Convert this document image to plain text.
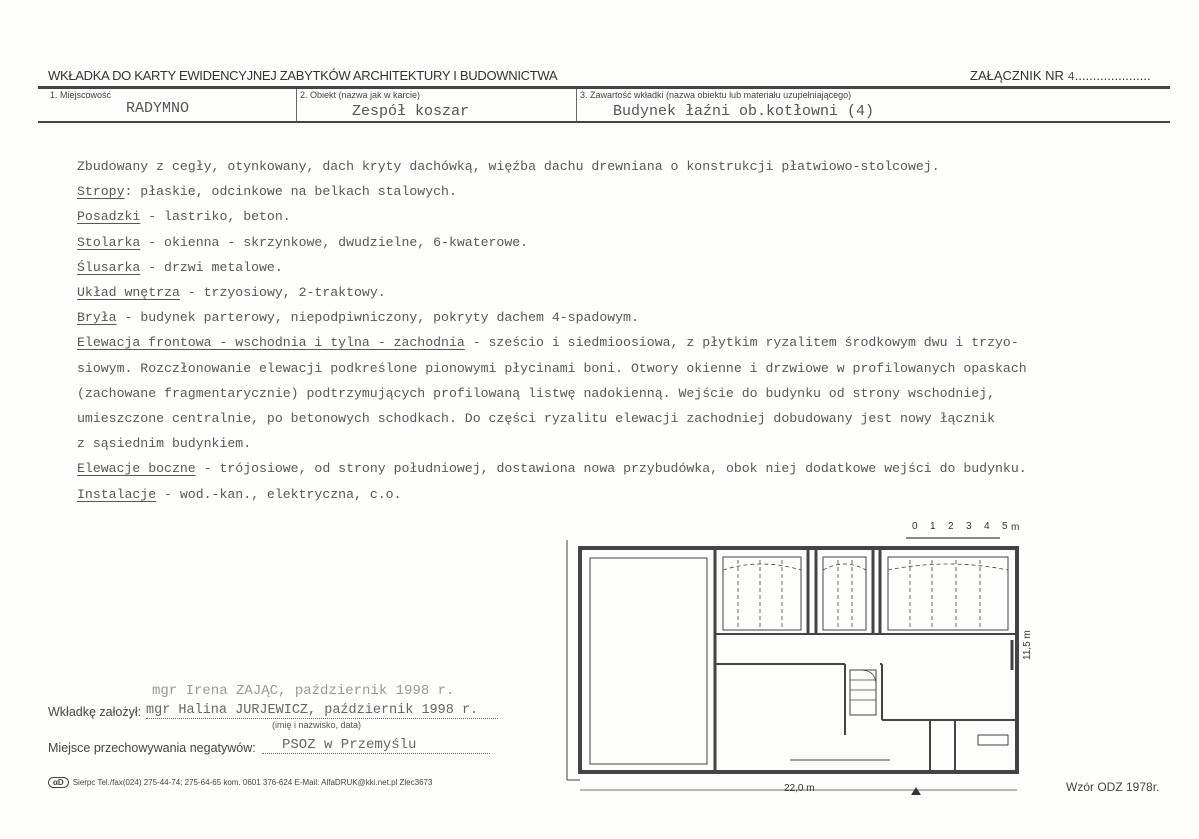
WKŁADKA DO KARTY EWIDENCYJNEJ ZABYTKÓW ARCHITEKTURY I BUDOWNICTWA	ZAŁĄCZNIK NR 4.....................
1. Miejscowość
RADYMNO
2. Obiekt (nazwa jak w karcie)
Zespół koszar
3. Zawartość wkładki (nazwa obiektu lub materiału uzupełniającego)
Budynek łaźni ob.kotłowni (4)
Zbudowany z cegły, otynkowany, dach kryty dachówką, więźba dachu drewniana o konstrukcji płatwiowo-stolcowej.
Stropy: płaskie, odcinkowe na belkach stalowych.
Posadzki - lastriko, beton.
Stolarka - okienna - skrzynkowe, dwudzielne, 6-kwaterowe.
Ślusarka - drzwi metalowe.
Układ wnętrza - trzyosiowy, 2-traktowy.
Bryła - budynek parterowy, niepodpiwniczony, pokryty dachem 4-spadowym.
Elewacja frontowa - wschodnia i tylna - zachodnia - sześcio i siedmioosiowa, z płytkim ryzalitem środkowym dwu i trzyo-
siowym. Rozczłonowanie elewacji podkreślone pionowymi płycinami boni. Otwory okienne i drzwiowe w profilowanych opaskach
(zachowane fragmentarycznie) podtrzymujących profilowaną listwę nadokienną. Wejście do budynku od strony wschodniej,
umieszczone centralnie, po betonowych schodkach. Do części ryzalitu elewacji zachodniej dobudowany jest nowy łącznik
z sąsiednim budynkiem.
Elewacje boczne - trójosiowe, od strony południowej, dostawiona nowa przybudówka, obok niej dodatkowe wejści do budynku.
Instalacje - wod.-kan., elektryczna, c.o.
mgr Irena ZAJĄC, październik 1998 r.
Wkładkę założył: mgr Halina JURJEWICZ, październik 1998 r.
(imię i nazwisko, data)
Miejsce przechowywania negatywów:	PSOZ w Przemyślu
αD	Sierpc Tel./fax(024) 275-44-74; 275-64-65 kom. 0601 376-624 E-Mail: AlfaDRUK@kki.net.pl Zlec3673	Wzór ODZ 1978r.
0 1 2 3 4 5 m
22,0 m
11,5 m
